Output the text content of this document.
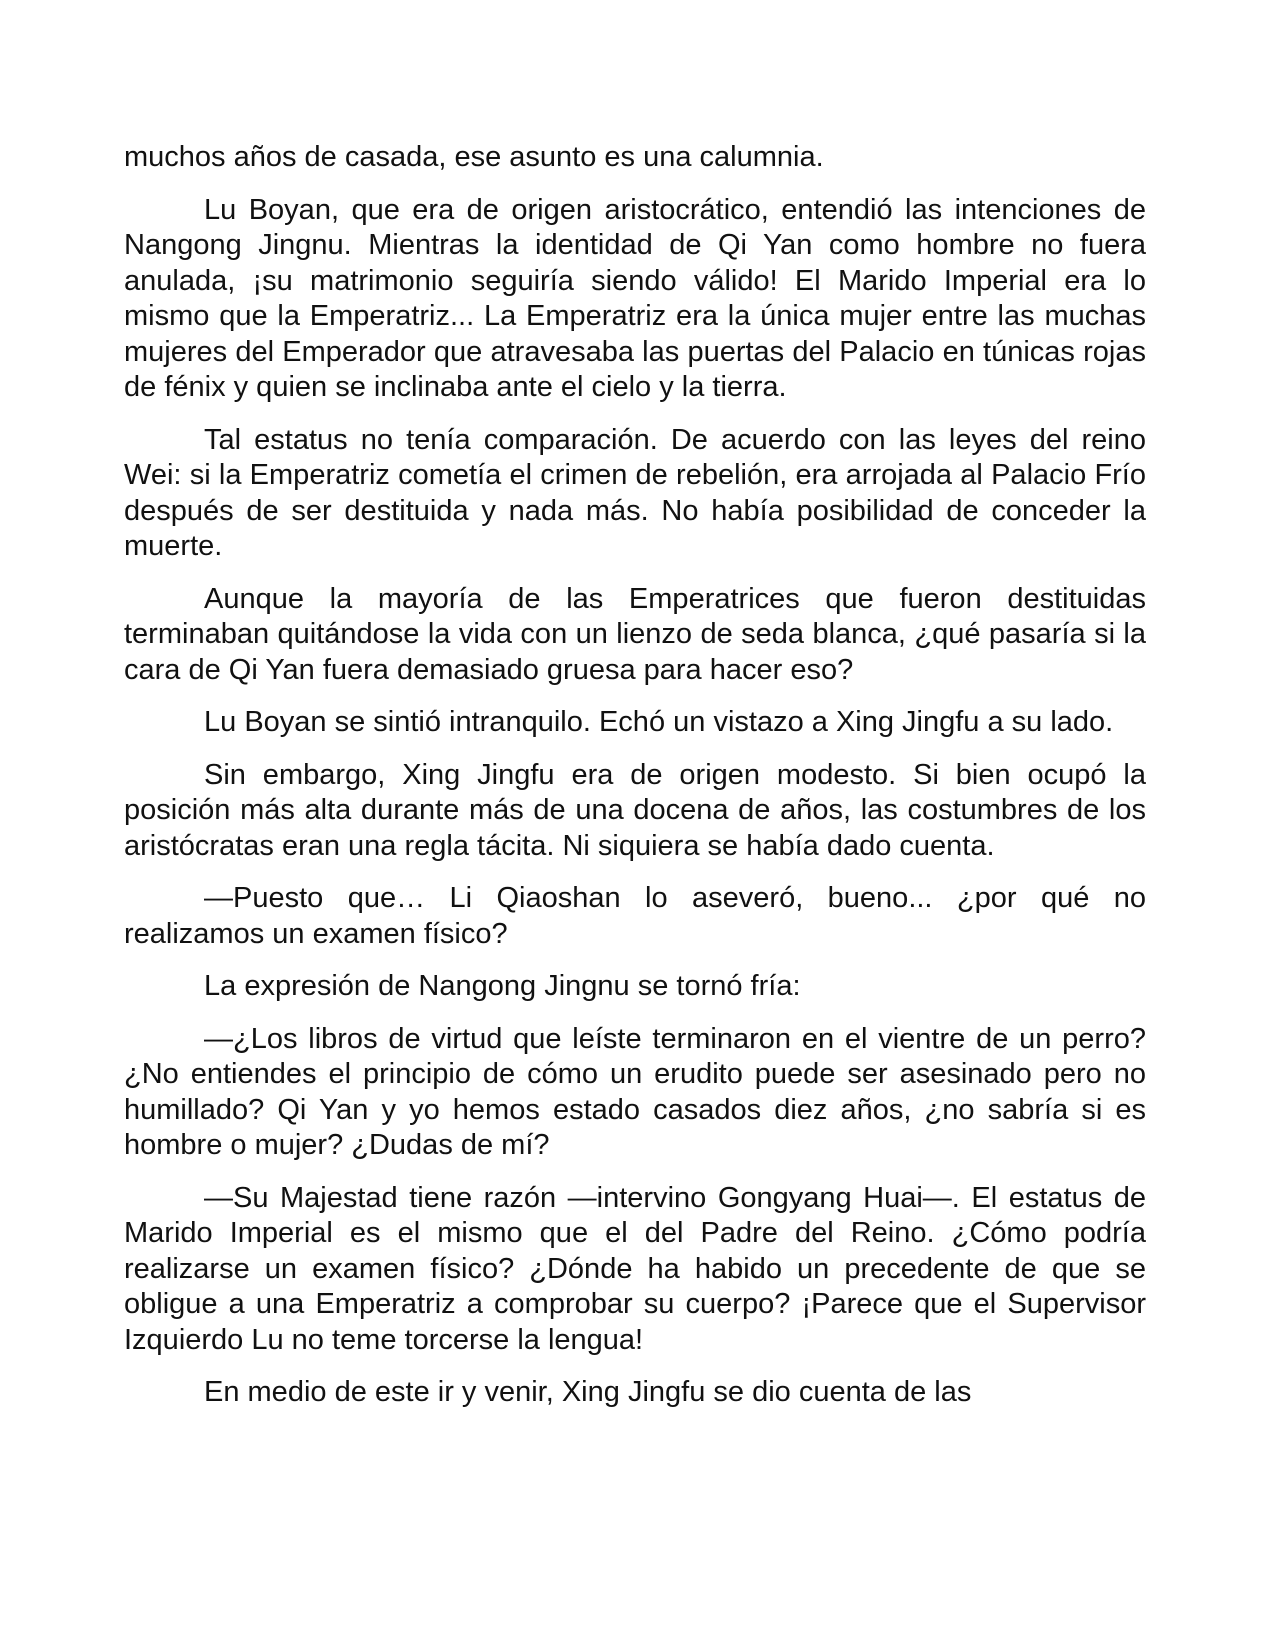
muchos años de casada, ese asunto es una calumnia.

Lu Boyan, que era de origen aristocrático, entendió las intenciones de Nangong Jingnu. Mientras la identidad de Qi Yan como hombre no fuera anulada, ¡su matrimonio seguiría siendo válido! El Marido Imperial era lo mismo que la Emperatriz... La Emperatriz era la única mujer entre las muchas mujeres del Emperador que atravesaba las puertas del Palacio en túnicas rojas de fénix y quien se inclinaba ante el cielo y la tierra.

Tal estatus no tenía comparación. De acuerdo con las leyes del reino Wei: si la Emperatriz cometía el crimen de rebelión, era arrojada al Palacio Frío después de ser destituida y nada más. No había posibilidad de conceder la muerte.

Aunque la mayoría de las Emperatrices que fueron destituidas terminaban quitándose la vida con un lienzo de seda blanca, ¿qué pasaría si la cara de Qi Yan fuera demasiado gruesa para hacer eso?

Lu Boyan se sintió intranquilo. Echó un vistazo a Xing Jingfu a su lado.

Sin embargo, Xing Jingfu era de origen modesto. Si bien ocupó la posición más alta durante más de una docena de años, las costumbres de los aristócratas eran una regla tácita. Ni siquiera se había dado cuenta.

—Puesto que… Li Qiaoshan lo aseveró, bueno... ¿por qué no realizamos un examen físico?

La expresión de Nangong Jingnu se tornó fría:

—¿Los libros de virtud que leíste terminaron en el vientre de un perro? ¿No entiendes el principio de cómo un erudito puede ser asesinado pero no humillado? Qi Yan y yo hemos estado casados diez años, ¿no sabría si es hombre o mujer? ¿Dudas de mí?

—Su Majestad tiene razón —intervino Gongyang Huai—. El estatus de Marido Imperial es el mismo que el del Padre del Reino. ¿Cómo podría realizarse un examen físico? ¿Dónde ha habido un precedente de que se obligue a una Emperatriz a comprobar su cuerpo? ¡Parece que el Supervisor Izquierdo Lu no teme torcerse la lengua!

En medio de este ir y venir, Xing Jingfu se dio cuenta de las
